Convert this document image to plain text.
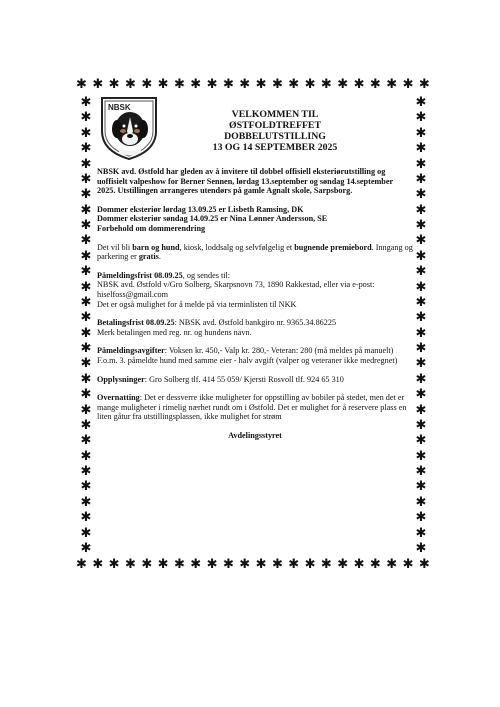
✱ ✱ ✱ ✱ ✱ ✱ ✱ ✱ ✱ ✱ ✱ ✱ ✱ ✱ ✱ ✱ ✱ ✱ ✱ ✱ ✱ ✱
✱ ✱ ✱ ✱ ✱ ✱ ✱ ✱ ✱ ✱ ✱ ✱ ✱ ✱ ✱ ✱ ✱ ✱ ✱ ✱ ✱ ✱
✱
✱
✱
✱
✱
✱
✱
✱
✱
✱
✱
✱
✱
✱
✱
✱
✱
✱
✱
✱
✱
✱
✱
✱
✱
✱
✱
✱
✱
✱
✱
✱
✱
✱
✱
✱
✱
✱
✱
✱
✱
✱
✱
✱
✱
✱
✱
✱
✱
✱
✱
✱
✱
✱
✱
✱
✱
✱
✱
✱
NBSK
VELKOMMEN TIL
ØSTFOLDTREFFET
DOBBELUTSTILLING
13 OG 14 SEPTEMBER 2025
NBSK avd. Østfold har gleden av å invitere til dobbel offisiell eksteriørutstilling og uoffisielt valpeshow for Berner Sennen, lørdag 13.september og søndag 14.september 2025. Utstillingen arrangeres utendørs på gamle Agnalt skole, Sarpsborg.
Dommer eksteriør lørdag 13.09.25 er Lisbeth Ramsing, DK
Dommer eksteriør søndag 14.09.25 er Nina Lønner Andersson, SE
Forbehold om dommerendring
Det vil bli barn og hund, kiosk, loddsalg og selvfølgelig et bugnende premiebord. Inngang og parkering er gratis.
Påmeldingsfrist 08.09.25, og sendes til:
NBSK avd. Østfold v/Gro Solberg, Skarpsnovn 73, 1890 Rakkestad, eller via e-post: hiselfoss@gmail.com
Det er også mulighet for å melde på via terminlisten til NKK
Betalingsfrist 08.09.25: NBSK avd. Østfold bankgiro nr. 9365.34.86225
Merk betalingen med reg. nr. og hundens navn.
Påmeldingsavgifter: Voksen kr. 450,- Valp kr. 280,- Veteran: 280 (må meldes på manuelt)
F.o.m. 3. påmeldte hund med samme eier - halv avgift (valper og veteraner ikke medregnet)
Opplysninger: Gro Solberg tlf. 414 55 059/ Kjersti Rosvoll tlf. 924 65 310
Overnatting: Det er dessverre ikke muligheter for oppstilling av bobiler på stedet, men det er mange muligheter i rimelig nærhet rundt om i Østfold. Det er mulighet for å reservere plass en liten gåtur fra utstillingsplassen, ikke mulighet for strøm
Avdelingsstyret
